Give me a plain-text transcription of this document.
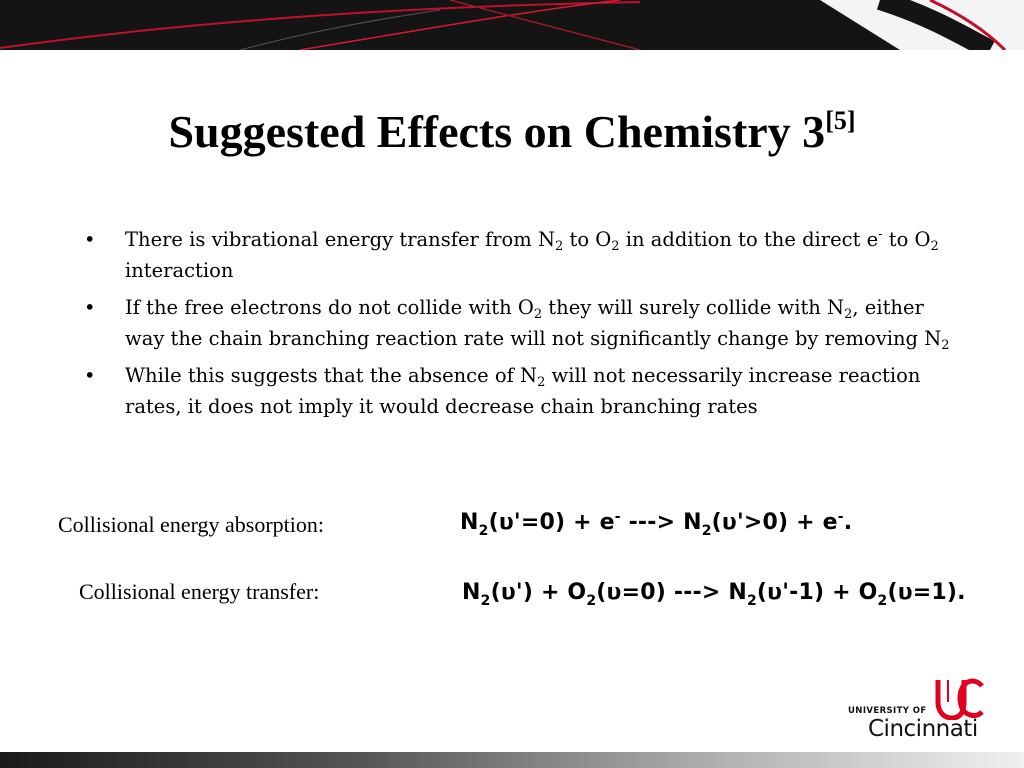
Suggested Effects on Chemistry 3[5]
• There is vibrational energy transfer from $N_2$ to $O_2$ in addition to the direct e- to $O_2$ interaction
• If the free electrons do not collide with $O_2$ they will surely collide with $N_2$, either way the chain branching reaction rate will not significantly change by removing $N_2$
• While this suggests that the absence of $N_2$ will not necessarily increase reaction rates, it does not imply it would decrease chain branching rates
Collisional energy absorption:	$N_2(\upsilon'=0) + e^-$ ---> $N_2(\upsilon'>0) + e^-$.
Collisional energy transfer:	$N_2(\upsilon') + O_2(\upsilon=0)$ ---> $N_2(\upsilon'-1) + O_2(\upsilon=1)$.
UNIVERSITY OF
Cincinnati
